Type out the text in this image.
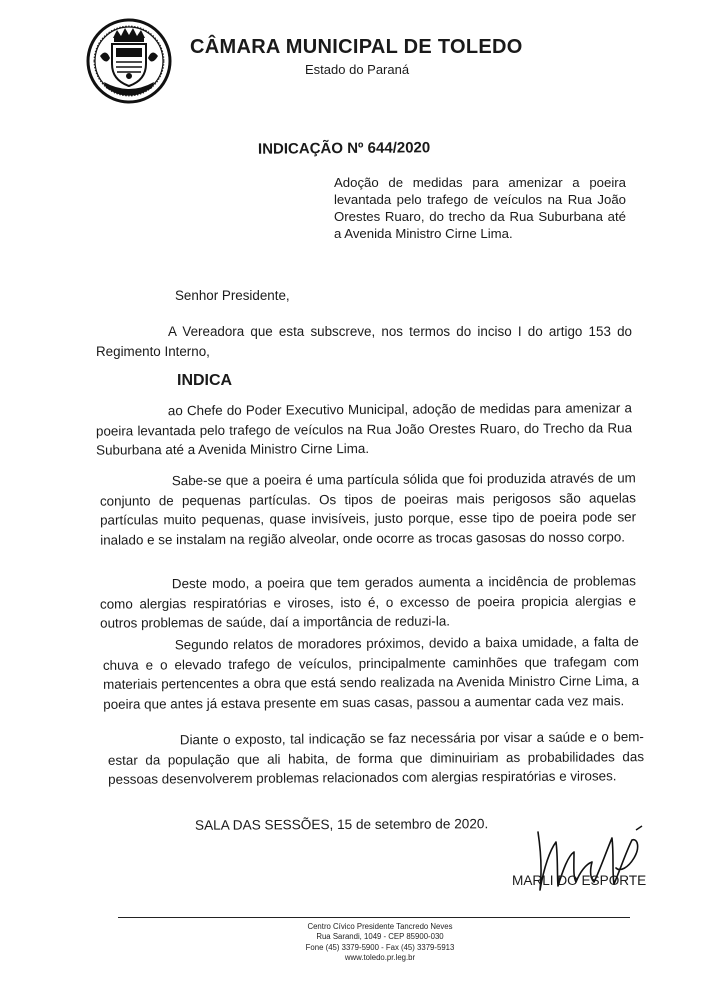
CÂMARA MUNICIPAL DE TOLEDO
Estado do Paraná
INDICAÇÃO Nº 644/2020
Adoção de medidas para amenizar a poeira levantada pelo trafego de veículos na Rua João Orestes Ruaro, do trecho da Rua Suburbana até a Avenida Ministro Cirne Lima.
Senhor Presidente,
A Vereadora que esta subscreve, nos termos do inciso I do artigo 153 do Regimento Interno,
INDICA
ao Chefe do Poder Executivo Municipal, adoção de medidas para amenizar a poeira levantada pelo trafego de veículos na Rua João Orestes Ruaro, do Trecho da Rua Suburbana até a Avenida Ministro Cirne Lima.
Sabe-se que a poeira é uma partícula sólida que foi produzida através de um conjunto de pequenas partículas. Os tipos de poeiras mais perigosos são aquelas partículas muito pequenas, quase invisíveis, justo porque, esse tipo de poeira pode ser inalado e se instalam na região alveolar, onde ocorre as trocas gasosas do nosso corpo.
Deste modo, a poeira que tem gerados aumenta a incidência de problemas como alergias respiratórias e viroses, isto é, o excesso de poeira propicia alergias e outros problemas de saúde, daí a importância de reduzi-la.
Segundo relatos de moradores próximos, devido a baixa umidade, a falta de chuva e o elevado trafego de veículos, principalmente caminhões que trafegam com materiais pertencentes a obra que está sendo realizada na Avenida Ministro Cirne Lima, a poeira que antes já estava presente em suas casas, passou a aumentar cada vez mais.
Diante o exposto, tal indicação se faz necessária por visar a saúde e o bem-estar da população que ali habita, de forma que diminuiriam as probabilidades das pessoas desenvolverem problemas relacionados com alergias respiratórias e viroses.
SALA DAS SESSÕES, 15 de setembro de 2020.
MARLI DO ESPORTE
Centro Cívico Presidente Tancredo Neves
Rua Sarandi, 1049 - CEP 85900-030
Fone (45) 3379-5900 - Fax (45) 3379-5913
www.toledo.pr.leg.br
